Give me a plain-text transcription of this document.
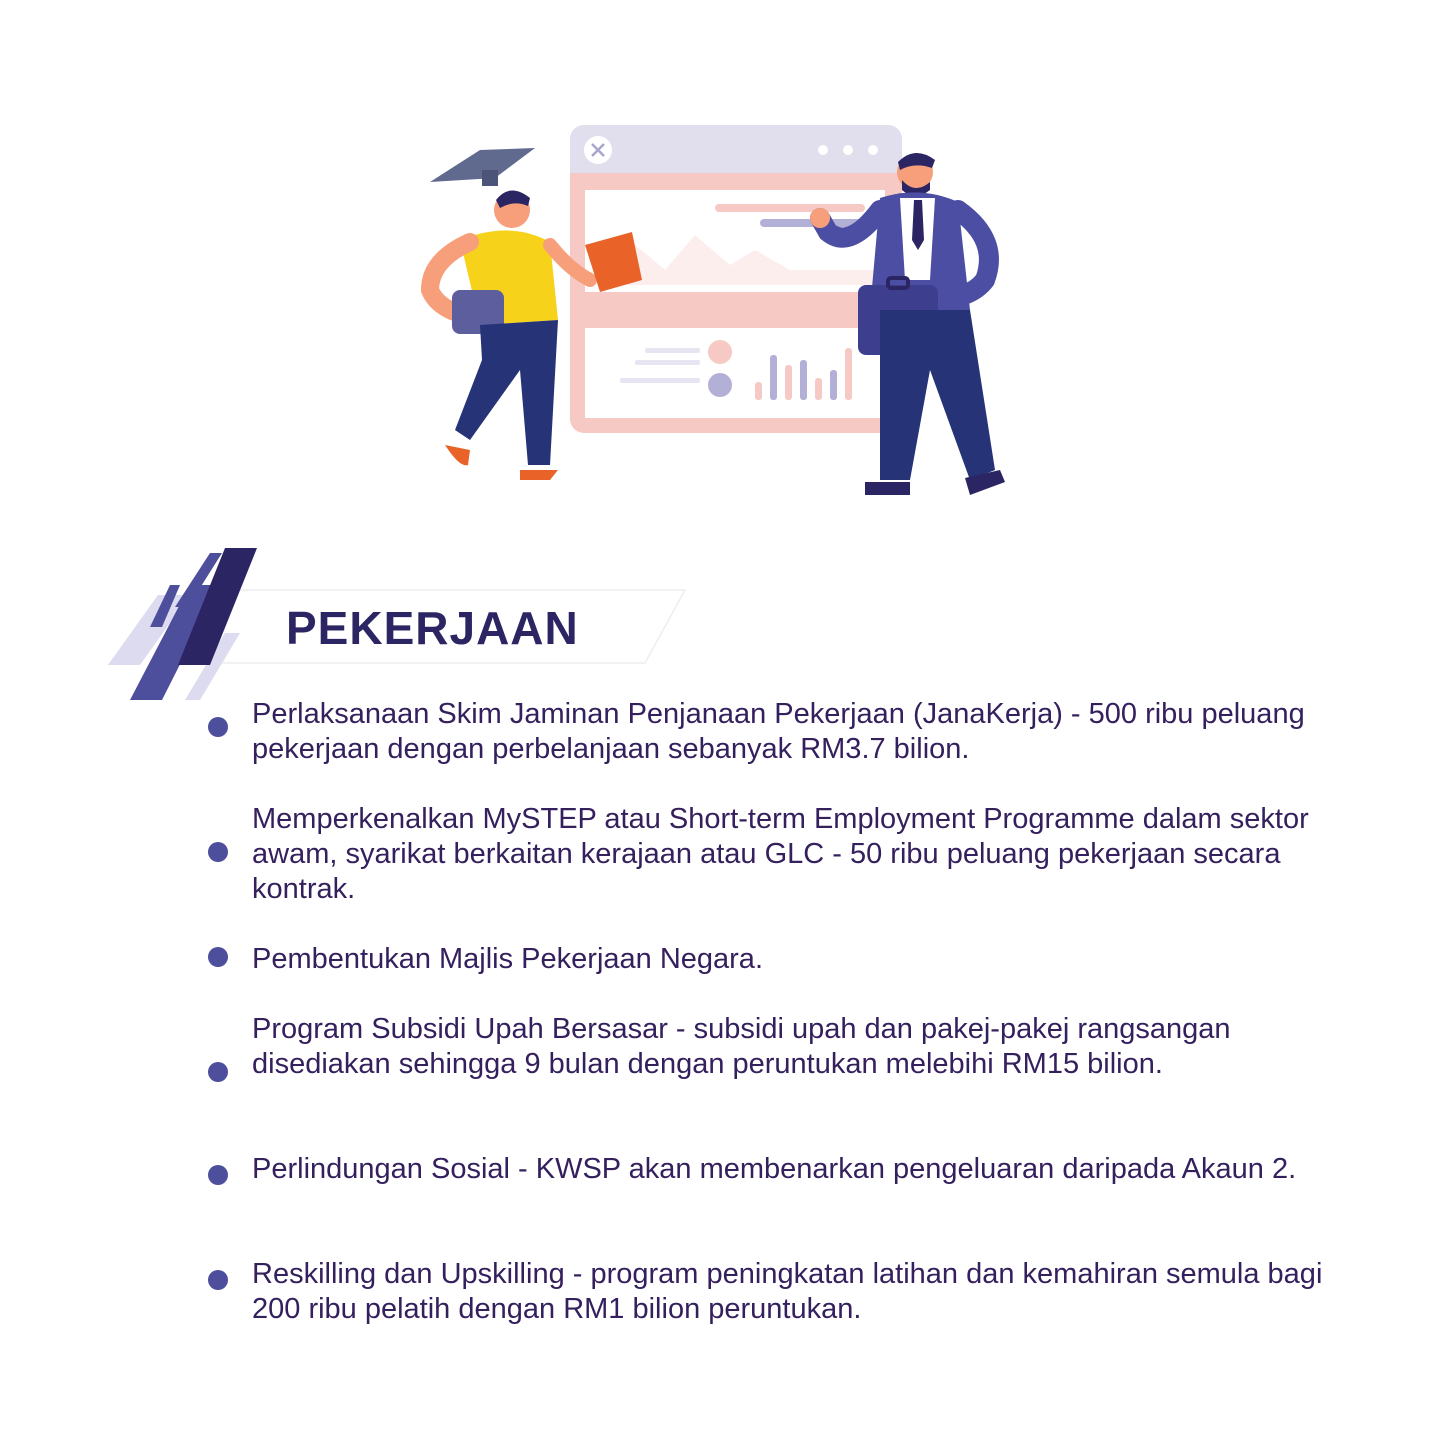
PEKERJAAN

Perlaksanaan Skim Jaminan Penjanaan Pekerjaan (JanaKerja) - 500 ribu peluang pekerjaan dengan perbelanjaan sebanyak RM3.7 bilion.

Memperkenalkan MySTEP atau Short-term Employment Programme dalam sektor awam, syarikat berkaitan kerajaan atau GLC - 50 ribu peluang pekerjaan secara kontrak.

Pembentukan Majlis Pekerjaan Negara.

Program Subsidi Upah Bersasar - subsidi upah dan pakej-pakej rangsangan disediakan sehingga 9 bulan dengan peruntukan melebihi RM15 bilion.

Perlindungan Sosial - KWSP akan membenarkan pengeluaran daripada Akaun 2.

Reskilling dan Upskilling - program peningkatan latihan dan kemahiran semula bagi 200 ribu pelatih dengan RM1 bilion peruntukan.
